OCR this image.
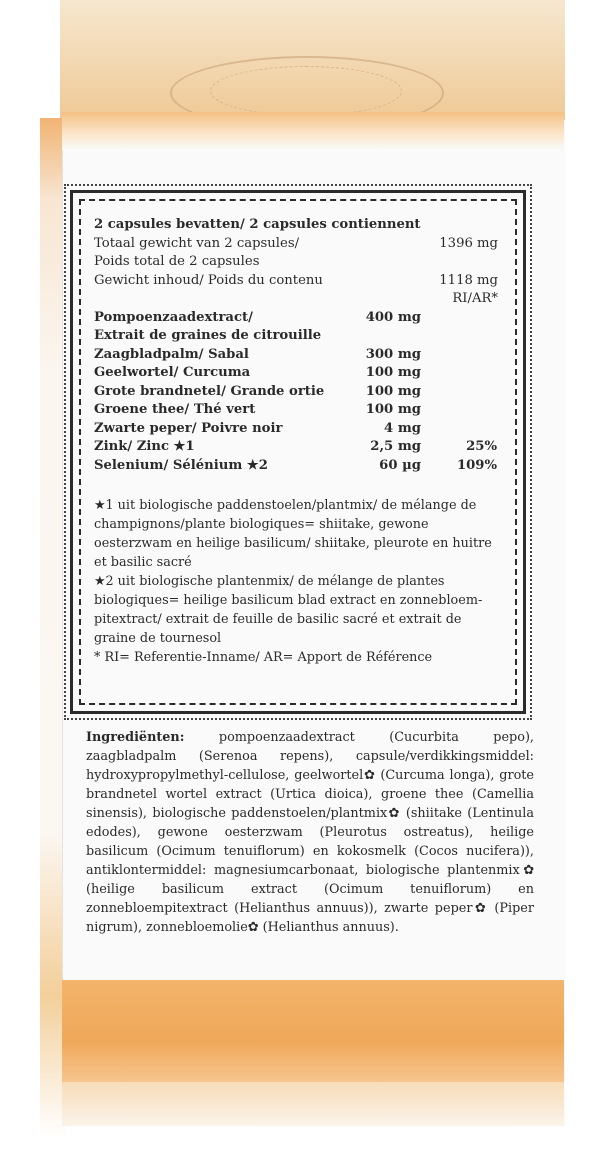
2 capsules bevatten/ 2 capsules contiennent
Totaal gewicht van 2 capsules/	1396 mg
Poids total de 2 capsules
Gewicht inhoud/ Poids du contenu	1118 mg
RI/AR*
Pompoenzaadextract/	400 mg
Extrait de graines de citrouille
Zaagbladpalm/ Sabal	300 mg
Geelwortel/ Curcuma	100 mg
Grote brandnetel/ Grande ortie	100 mg
Groene thee/ Thé vert	100 mg
Zwarte peper/ Poivre noir	4 mg
Zink/ Zinc ★1	2,5 mg	25%
Selenium/ Sélénium ★2	60 µg	109%

★1 uit biologische paddenstoelen/plantmix/ de mélange de champignons/plante biologiques= shiitake, gewone oesterzwam en heilige basilicum/ shiitake, pleurote en huitre et basilic sacré

★2 uit biologische plantenmix/ de mélange de plantes biologiques= heilige basilicum blad extract en zonnebloem-pitextract/ extrait de feuille de basilic sacré et extrait de graine de tournesol

* RI= Referentie-Inname/ AR= Apport de Référence

Ingrediënten:	pompoenzaadextract (Cucurbita pepo), zaagbladpalm (Serenoa repens), capsule/verdikkingsmiddel: hydroxypropylmethyl-cellulose, geelwortel✿ (Curcuma longa), grote brandnetel wortel extract (Urtica dioica), groene thee (Camellia sinensis), biologische paddenstoelen/plantmix✿ (shiitake (Lentinula edodes), gewone oesterzwam (Pleurotus ostreatus), heilige basilicum (Ocimum tenuiflorum) en kokosmelk (Cocos nucifera)), antiklontermiddel: magnesiumcarbonaat, biologische plantenmix✿ (heilige basilicum extract (Ocimum tenuiflorum) en zonnebloempitextract (Helianthus annuus)), zwarte peper✿ (Piper nigrum), zonnebloemolie✿ (Helianthus annuus).
